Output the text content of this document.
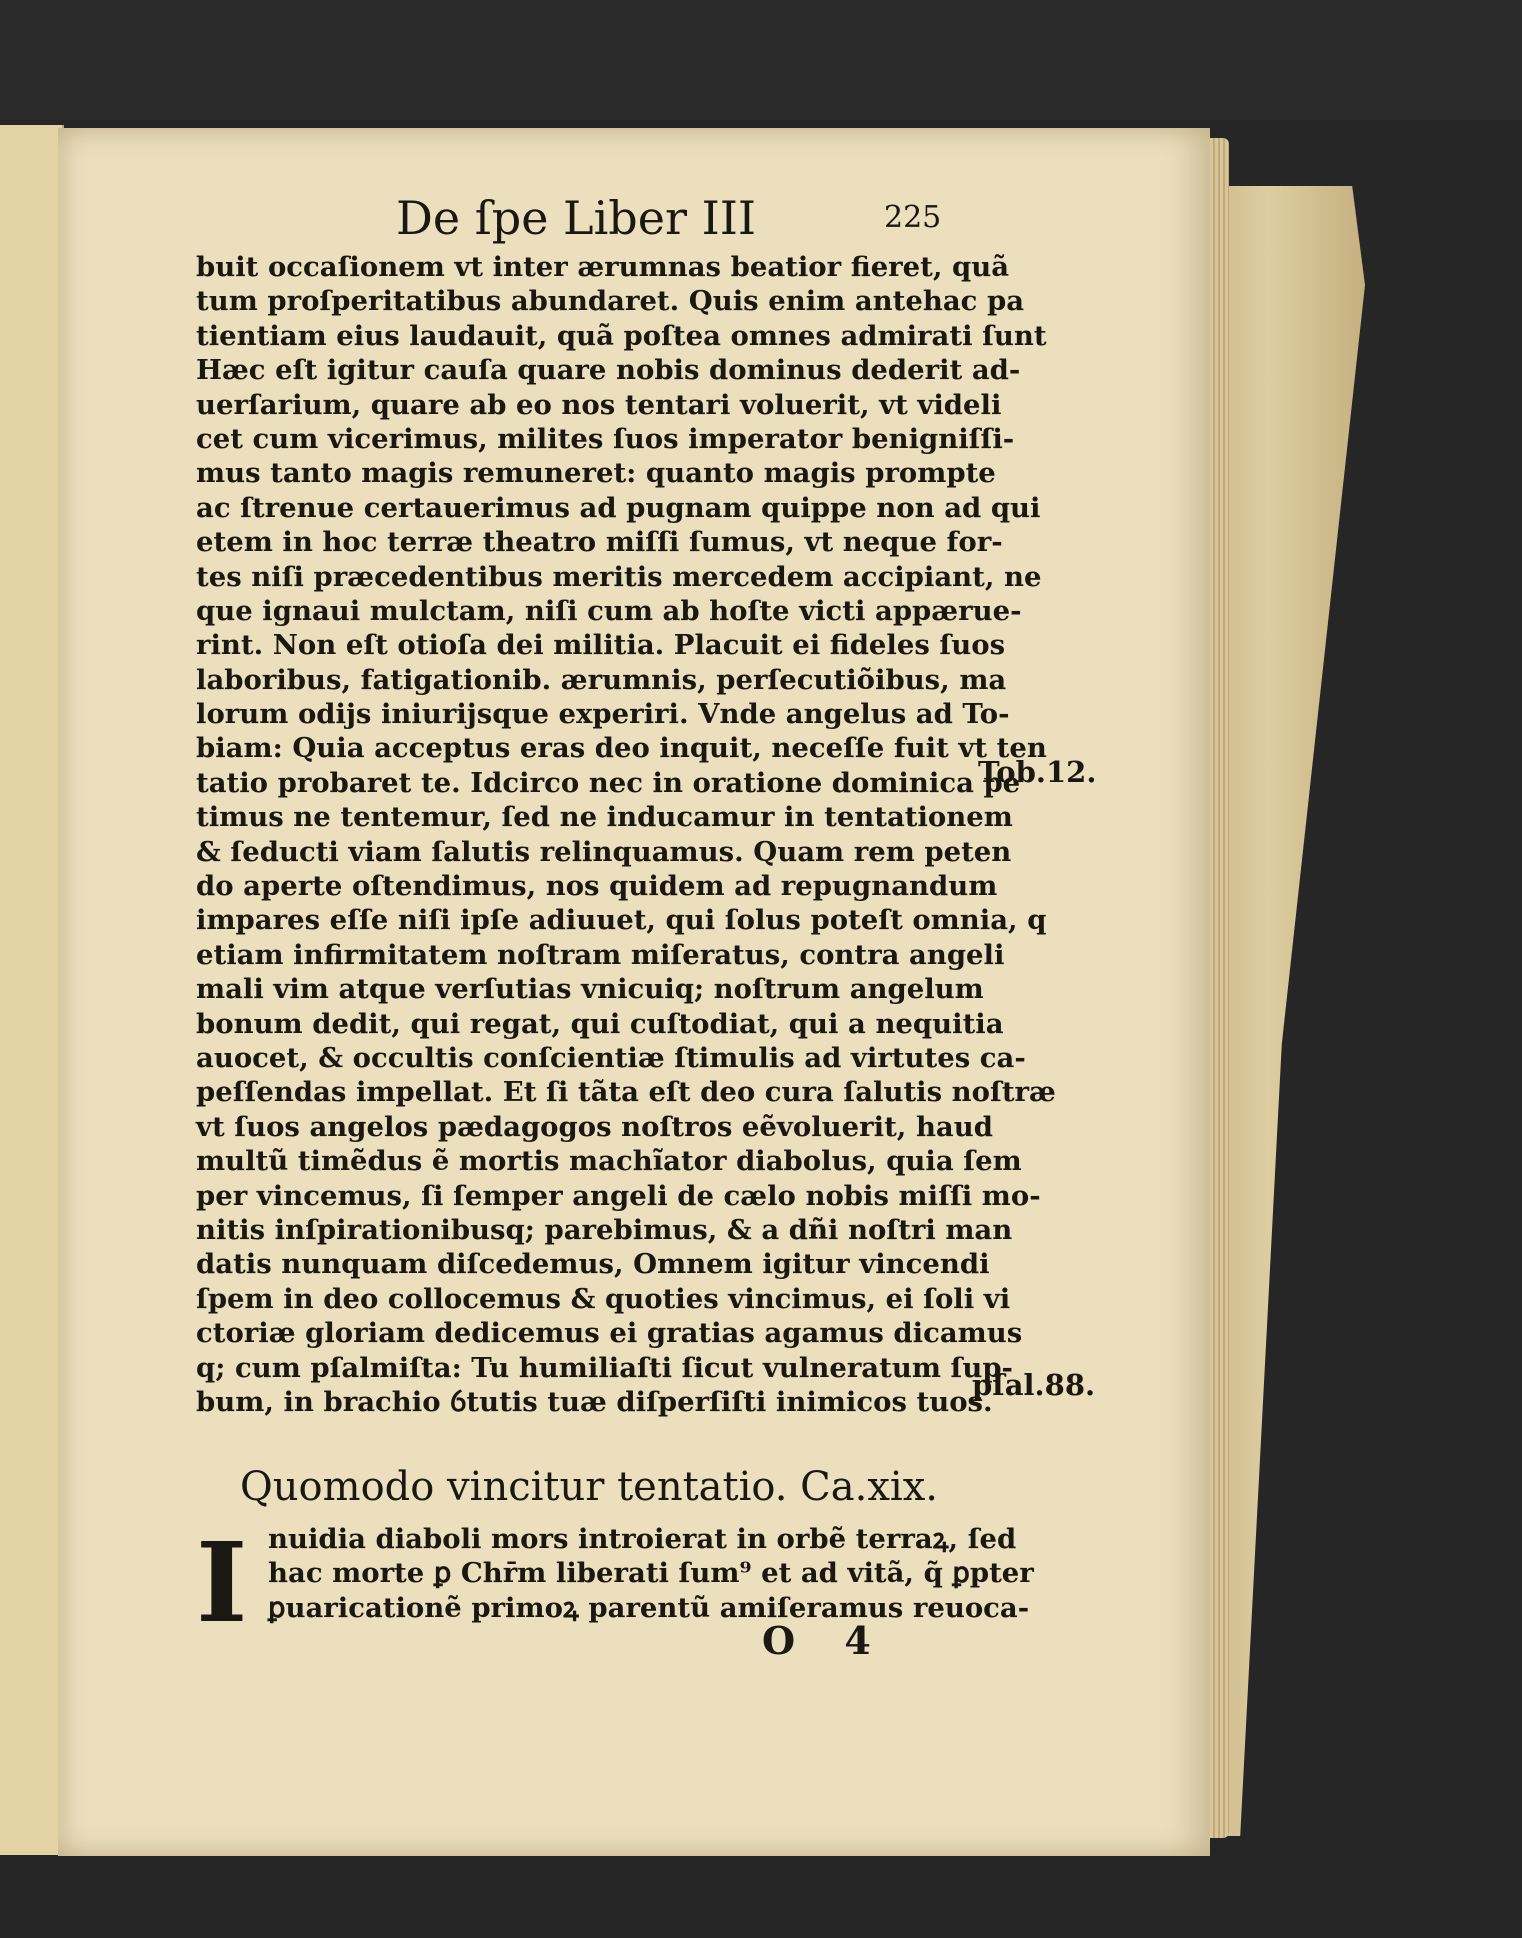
De ſpe Liber III	225
buit occaſionem vt inter ærumnas beatior fieret, quã
tum proſperitatibus abundaret. Quis enim antehac pa
tientiam eius laudauit, quã poſtea omnes admirati ſunt
Hæc eſt igitur cauſa quare nobis dominus dederit ad-
uerſarium, quare ab eo nos tentari voluerit, vt videli
cet cum vicerimus, milites ſuos imperator benigniſſi-
mus tanto magis remuneret: quanto magis prompte
ac ſtrenue certauerimus ad pugnam quippe non ad qui
etem in hoc terræ theatro miſſi ſumus, vt neque for-
tes niſi præcedentibus meritis mercedem accipiant, ne
que ignaui mulctam, niſi cum ab hoſte victi appærue-
rint. Non eſt otioſa dei militia. Placuit ei fideles ſuos
laboribus, fatigationib. ærumnis, perſecutiõibus, ma
lorum odijs iniurijsque experiri. Vnde angelus ad To-
biam: Quia acceptus eras deo inquit, neceſſe fuit vt ten
tatio probaret te. Idcirco nec in oratione dominica pe
timus ne tentemur, ſed ne inducamur in tentationem
& ſeducti viam ſalutis relinquamus. Quam rem peten
do aperte oſtendimus, nos quidem ad repugnandum
impares eſſe niſi ipſe adiuuet, qui ſolus poteſt omnia, q
etiam infirmitatem noſtram miſeratus, contra angeli
mali vim atque verſutias vnicuiq; noſtrum angelum
bonum dedit, qui regat, qui cuſtodiat, qui a nequitia
auocet, & occultis conſcientiæ ſtimulis ad virtutes ca-
peſſendas impellat. Et ſi tãta eſt deo cura ſalutis noſtræ
vt ſuos angelos pædagogos noſtros eẽvoluerit, haud
multũ timẽdus ẽ mortis machĩator diabolus, quia ſem
per vincemus, ſi ſemper angeli de cælo nobis miſſi mo-
nitis inſpirationibusq; parebimus, & a dñi noſtri man
datis nunquam diſcedemus, Omnem igitur vincendi
ſpem in deo collocemus & quoties vincimus, ei ſoli vi
ctoriæ gloriam dedicemus ei gratias agamus dicamus
q; cum pſalmiſta: Tu humiliaſti ſicut vulneratum ſup-
bum, in brachio ỽtutis tuæ diſperſiſti inimicos tuos.
Tob.12.
pſal.88.
Quomodo vincitur tentatio. Ca.xix.
I nuidia diaboli mors introierat in orbẽ terraꝝ, ſed
hac morte ꝑ Chr̄m liberati ſum⁹ et ad vitã, q̃ ꝑpter
ꝑuaricationẽ primoꝝ parentũ amiſeramus reuoca-
O 4
